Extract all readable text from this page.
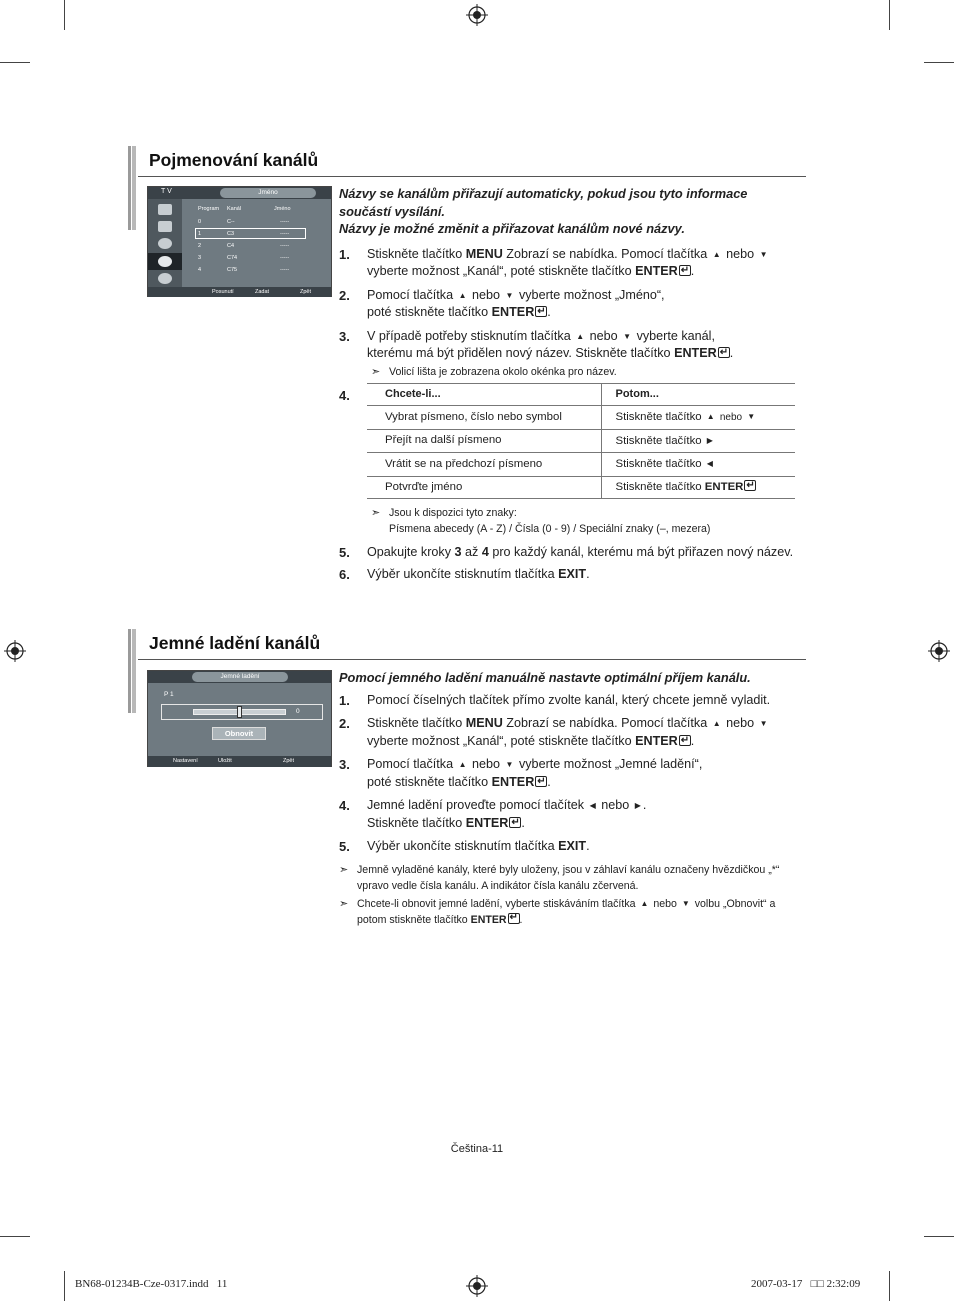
Pojmenování kanálů
T V	Jméno
Program Kanál	Jméno
0	C--	-----
1	C3	-----
2	C4	-----
3	C74	-----
4	C75	-----
Posunutí	Zadat	Zpět
Názvy se kanálům přiřazují automaticky, pokud jsou tyto informace součástí vysílání.
Názvy je možné změnit a přiřazovat kanálům nové názvy.
1. Stiskněte tlačítko MENU Zobrazí se nabídka. Pomocí tlačítka ▲ nebo ▼
vyberte možnost „Kanál“, poté stiskněte tlačítko ENTER ↵ .
2. Pomocí tlačítka ▲ nebo ▼ vyberte možnost „Jméno“,
poté stiskněte tlačítko ENTER ↵ .
3. V případě potřeby stisknutím tlačítka ▲ nebo ▼ vyberte kanál,
kterému má být přidělen nový název. Stiskněte tlačítko ENTER ↵ .
➣ Volicí lišta je zobrazena okolo okénka pro název.
4.	Chcete-li...	Potom...
Vybrat písmeno, číslo nebo symbol	Stiskněte tlačítko ▲ nebo ▼
Přejít na další písmeno	Stiskněte tlačítko ▶
Vrátit se na předchozí písmeno	Stiskněte tlačítko ◀
Potvrďte jméno	Stiskněte tlačítko ENTER↵
➣ Jsou k dispozici tyto znaky:
Písmena abecedy (A - Z) / Čísla (0 - 9) / Speciální znaky (–, mezera)
5. Opakujte kroky 3 až 4 pro každý kanál, kterému má být přiřazen nový název.
6. Výběr ukončíte stisknutím tlačítka EXIT.
Jemné ladění kanálů
Jemné ladění
P 1
0
Obnovit
Nastavení	Uložit	Zpět
Pomocí jemného ladění manuálně nastavte optimální příjem kanálu.
1. Pomocí číselných tlačítek přímo zvolte kanál, který chcete jemně vyladit.
2. Stiskněte tlačítko MENU Zobrazí se nabídka. Pomocí tlačítka ▲ nebo ▼
vyberte možnost „Kanál“, poté stiskněte tlačítko ENTER ↵ .
3. Pomocí tlačítka ▲ nebo ▼ vyberte možnost „Jemné ladění“,
poté stiskněte tlačítko ENTER ↵ .
4. Jemné ladění proveďte pomocí tlačítek ◀ nebo ▶ .
Stiskněte tlačítko ENTER ↵ .
5. Výběr ukončíte stisknutím tlačítka EXIT.
➣ Jemně vyladěné kanály, které byly uloženy, jsou v záhlaví kanálu označeny hvězdičkou „*“ vpravo vedle čísla kanálu. A indikátor čísla kanálu zčervená.
➣ Chcete-li obnovit jemné ladění, vyberte stiskáváním tlačítka ▲ nebo ▼ volbu „Obnovit“ a potom stiskněte tlačítko ENTER ↵ .
Čeština-11
BN68-01234B-Cze-0317.indd   11	2007-03-17   □□ 2:32:09
